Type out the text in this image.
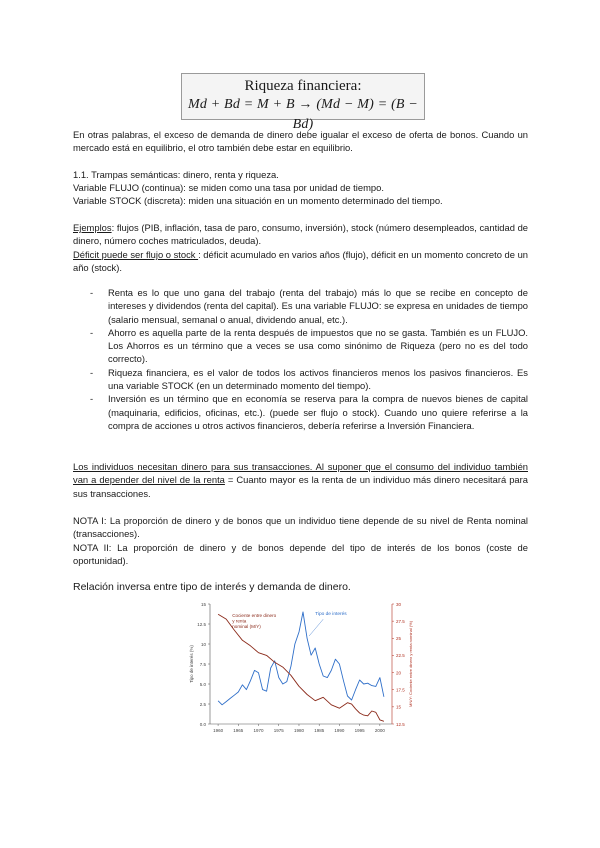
Riqueza financiera:
Md + Bd = M + B → (Md − M) = (B − Bd)
En otras palabras, el exceso de demanda de dinero debe igualar el exceso de oferta de bonos. Cuando un mercado está en equilibrio, el otro también debe estar en equilibrio.
1.1. Trampas semánticas: dinero, renta y riqueza.
Variable FLUJO (continua): se miden como una tasa por unidad de tiempo.
Variable STOCK (discreta): miden una situación en un momento determinado del tiempo.
Ejemplos: flujos (PIB, inflación, tasa de paro, consumo, inversión), stock (número desempleados, cantidad de dinero, número coches matriculados, deuda).
Déficit puede ser flujo o stock : déficit acumulado en varios años (flujo), déficit en un momento concreto de un año (stock).
- Renta es lo que uno gana del trabajo (renta del trabajo) más lo que se recibe en concepto de intereses y dividendos (renta del capital). Es una variable FLUJO: se expresa en unidades de tiempo (salario mensual, semanal o anual, dividendo anual, etc.).
- Ahorro es aquella parte de la renta después de impuestos que no se gasta. También es un FLUJO. Los Ahorros es un término que a veces se usa como sinónimo de Riqueza (pero no es del todo correcto).
- Riqueza financiera, es el valor de todos los activos financieros menos los pasivos financieros. Es una variable STOCK (en un determinado momento del tiempo).
- Inversión es un término que en economía se reserva para la compra de nuevos bienes de capital (maquinaria, edificios, oficinas, etc.). (puede ser flujo o stock). Cuando uno quiere referirse a la compra de acciones u otros activos financieros, debería referirse a Inversión Financiera.
Los individuos necesitan dinero para sus transacciones. Al suponer que el consumo del individuo también van a depender del nivel de la renta = Cuanto mayor es la renta de un individuo más dinero necesitará para sus transacciones.
NOTA I: La proporción de dinero y de bonos que un individuo tiene depende de su nivel de Renta nominal (transacciones).
NOTA II: La proporción de dinero y de bonos depende del tipo de interés de los bonos (coste de oportunidad).
Relación inversa entre tipo de interés y demanda de dinero.
0.0
2.5
5.0
7.5
10
12.5
15
12.5
15
17.5
20
22.5
25
27.5
30
1960 1965 1970 1975 1980 1985 1990 1995 2000
Tipo de interés (%)	MN/Y: Cociente entre dinero y renta nominal (%)
Tipo de interés
Cociente entre dinero
y renta
nominal (M/Y)
